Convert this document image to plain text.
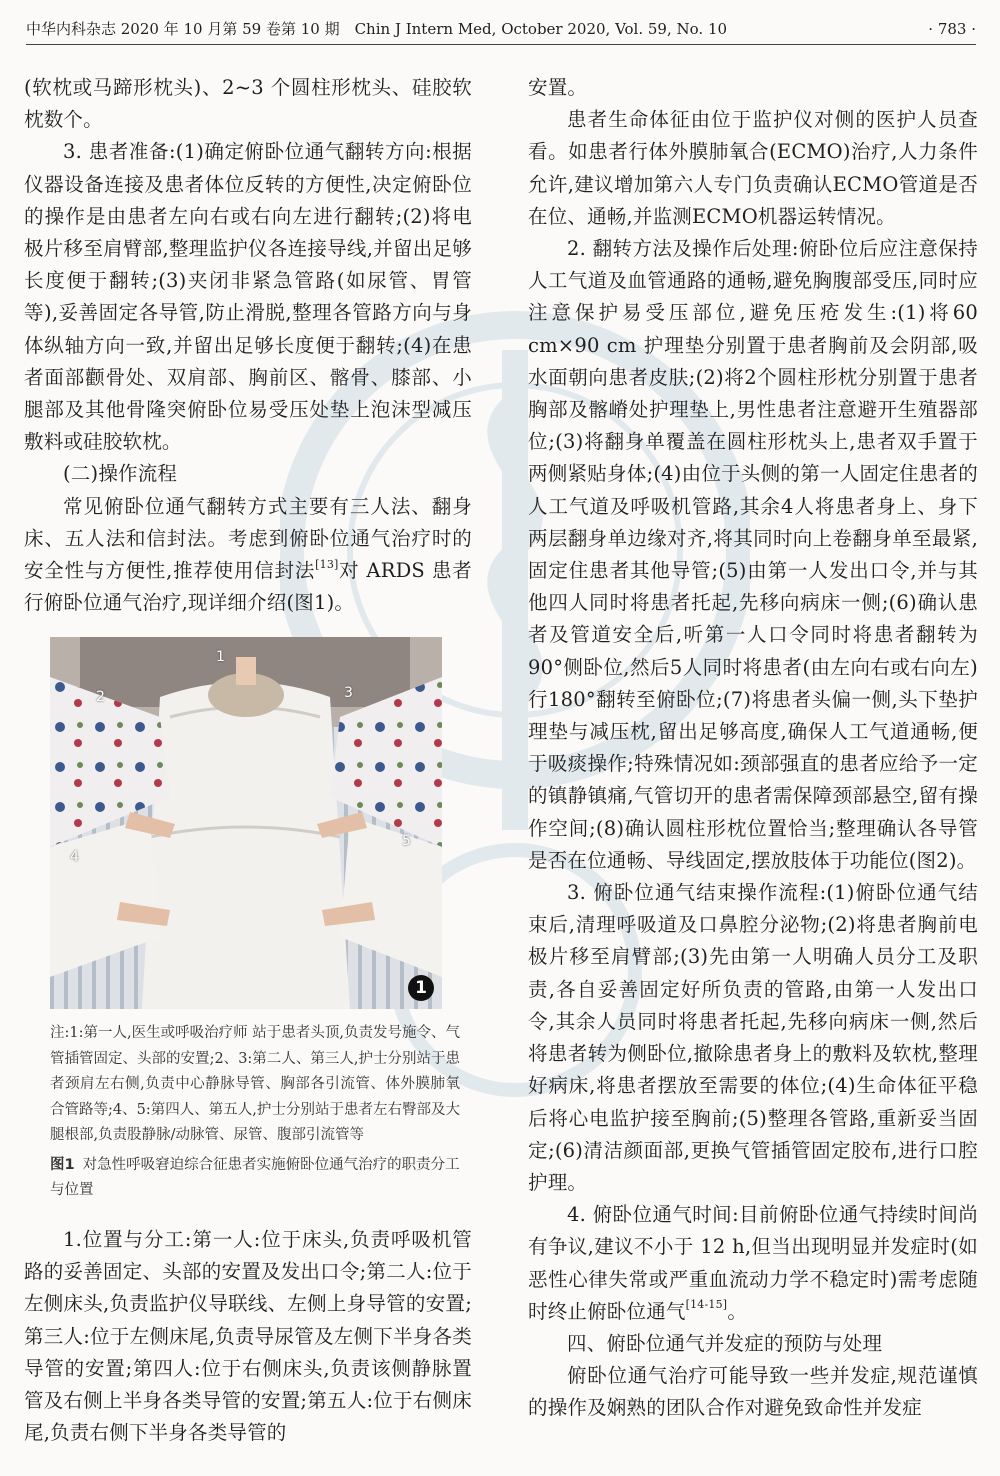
中华内科杂志 2020 年 10 月第 59 卷第 10 期　Chin J Intern Med, October 2020, Vol. 59, No. 10	· 783 ·

(软枕或马蹄形枕头)、2~3 个圆柱形枕头、硅胶软枕数个。

3. 患者准备:(1)确定俯卧位通气翻转方向:根据仪器设备连接及患者体位反转的方便性,决定俯卧位的操作是由患者左向右或右向左进行翻转;(2)将电极片移至肩臂部,整理监护仪各连接导线,并留出足够长度便于翻转;(3)夹闭非紧急管路(如尿管、胃管等),妥善固定各导管,防止滑脱,整理各管路方向与身体纵轴方向一致,并留出足够长度便于翻转;(4)在患者面部颧骨处、双肩部、胸前区、髂骨、膝部、小腿部及其他骨隆突俯卧位易受压处垫上泡沫型减压敷料或硅胶软枕。

(二)操作流程

常见俯卧位通气翻转方式主要有三人法、翻身床、五人法和信封法。考虑到俯卧位通气治疗时的安全性与方便性,推荐使用信封法[13]对 ARDS 患者行俯卧位通气治疗,现详细介绍(图1)。

1
2	3
4
5
1
注:1:第一人,医生或呼吸治疗师 站于患者头顶,负责发号施令、气管插管固定、头部的安置;2、3:第二人、第三人,护士分别站于患者颈肩左右侧,负责中心静脉导管、胸部各引流管、体外膜肺氧合管路等;4、5:第四人、第五人,护士分别站于患者左右臀部及大腿根部,负责股静脉/动脉管、尿管、腹部引流管等
图1 对急性呼吸窘迫综合征患者实施俯卧位通气治疗的职责分工与位置

1.位置与分工:第一人:位于床头,负责呼吸机管路的妥善固定、头部的安置及发出口令;第二人:位于左侧床头,负责监护仪导联线、左侧上身导管的安置;第三人:位于左侧床尾,负责导尿管及左侧下半身各类导管的安置;第四人:位于右侧床头,负责该侧静脉置管及右侧上半身各类导管的安置;第五人:位于右侧床尾,负责右侧下半身各类导管的

安置。

患者生命体征由位于监护仪对侧的医护人员查看。如患者行体外膜肺氧合(ECMO)治疗,人力条件允许,建议增加第六人专门负责确认ECMO管道是否在位、通畅,并监测ECMO机器运转情况。

2. 翻转方法及操作后处理:俯卧位后应注意保持人工气道及血管通路的通畅,避免胸腹部受压,同时应注意保护易受压部位,避免压疮发生:(1)将60 cm×90 cm 护理垫分别置于患者胸前及会阴部,吸水面朝向患者皮肤;(2)将2个圆柱形枕分别置于患者胸部及髂嵴处护理垫上,男性患者注意避开生殖器部位;(3)将翻身单覆盖在圆柱形枕头上,患者双手置于两侧紧贴身体;(4)由位于头侧的第一人固定住患者的人工气道及呼吸机管路,其余4人将患者身上、身下两层翻身单边缘对齐,将其同时向上卷翻身单至最紧,固定住患者其他导管;(5)由第一人发出口令,并与其他四人同时将患者托起,先移向病床一侧;(6)确认患者及管道安全后,听第一人口令同时将患者翻转为90°侧卧位,然后5人同时将患者(由左向右或右向左)行180°翻转至俯卧位;(7)将患者头偏一侧,头下垫护理垫与减压枕,留出足够高度,确保人工气道通畅,便于吸痰操作;特殊情况如:颈部强直的患者应给予一定的镇静镇痛,气管切开的患者需保障颈部悬空,留有操作空间;(8)确认圆柱形枕位置恰当;整理确认各导管是否在位通畅、导线固定,摆放肢体于功能位(图2)。

3. 俯卧位通气结束操作流程:(1)俯卧位通气结束后,清理呼吸道及口鼻腔分泌物;(2)将患者胸前电极片移至肩臂部;(3)先由第一人明确人员分工及职责,各自妥善固定好所负责的管路,由第一人发出口令,其余人员同时将患者托起,先移向病床一侧,然后将患者转为侧卧位,撤除患者身上的敷料及软枕,整理好病床,将患者摆放至需要的体位;(4)生命体征平稳后将心电监护接至胸前;(5)整理各管路,重新妥当固定;(6)清洁颜面部,更换气管插管固定胶布,进行口腔护理。

4. 俯卧位通气时间:目前俯卧位通气持续时间尚有争议,建议不小于 12 h,但当出现明显并发症时(如恶性心律失常或严重血流动力学不稳定时)需考虑随时终止俯卧位通气[14-15]。

四、俯卧位通气并发症的预防与处理

俯卧位通气治疗可能导致一些并发症,规范谨慎的操作及娴熟的团队合作对避免致命性并发症
